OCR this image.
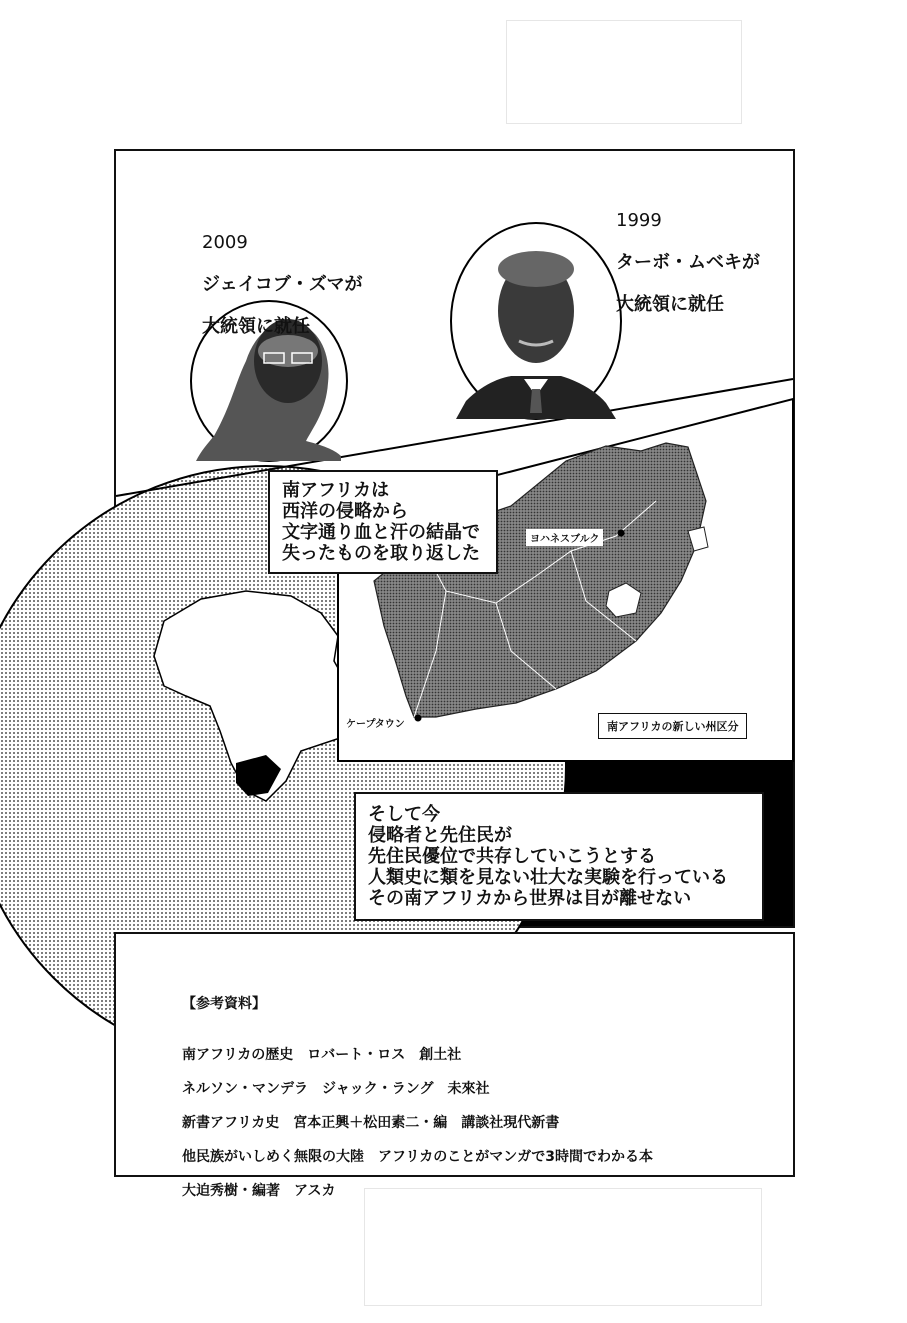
2009

ジェイコブ・ズマが

大統領に就任

1999

ターボ・ムベキが

大統領に就任

南アフリカは
西洋の侵略から
文字通り血と汗の結晶で
失ったものを取り返した
ヨハネスブルク
ケープタウン	南アフリカの新しい州区分
そして今
侵略者と先住民が
先住民優位で共存していこうとする
人類史に類を見ない壮大な実験を行っている
その南アフリカから世界は目が離せない
【参考資料】

南アフリカの歴史　ロバート・ロス　創土社

ネルソン・マンデラ　ジャック・ラング　未來社

新書アフリカ史　宮本正興＋松田素二・編　講談社現代新書

他民族がいしめく無限の大陸　アフリカのことがマンガで3時間でわかる本

大迫秀樹・編著　アスカ
